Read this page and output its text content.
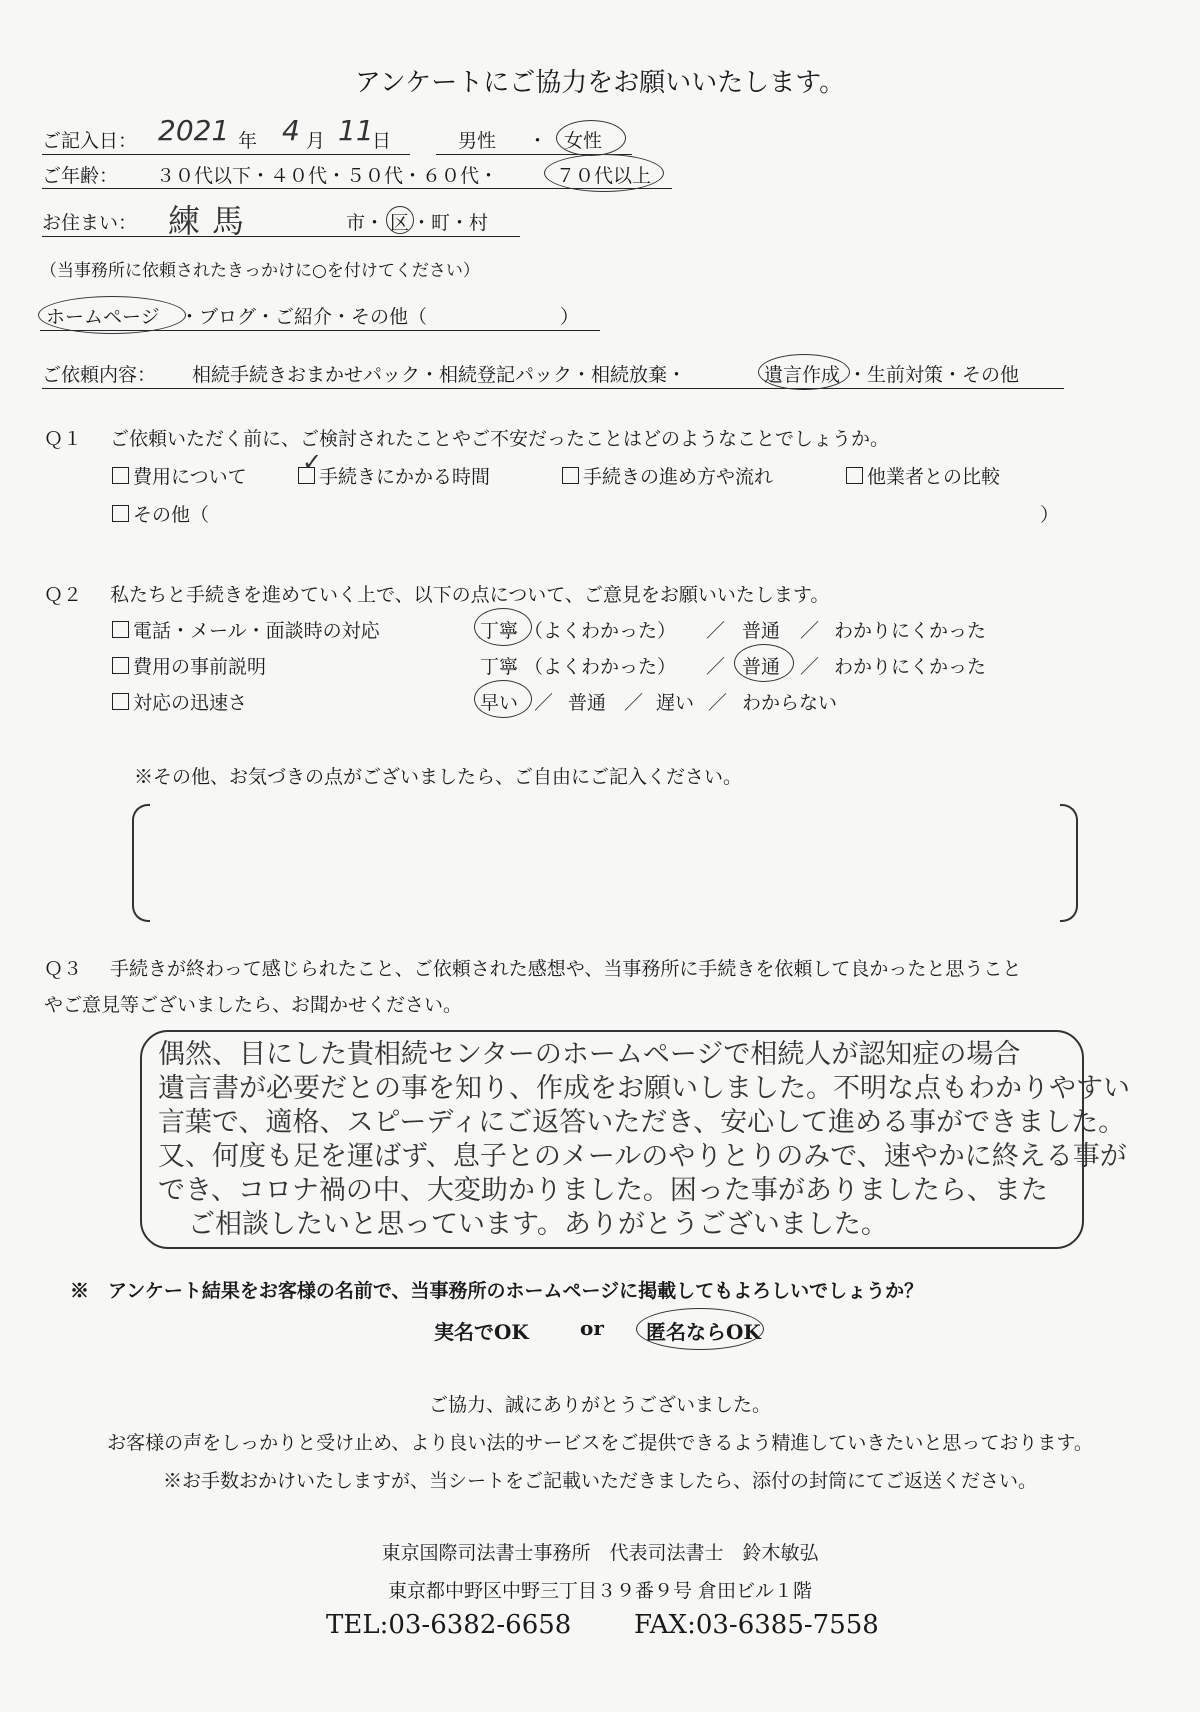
アンケートにご協力をお願いいたします。
ご記入日： 2021 年 4 月 11
日	男性 ・ 女性
ご年齢： ３０代以下・４０代・５０代・６０代・	７０代以上
お住まい： 練馬	市・ 区 ・町・村
（当事務所に依頼されたきっかけに○を付けてください）
ホームページ ・ブログ・ご紹介・その他（　　　　　　　）
ご依頼内容： 相続手続きおまかせパック・相続登記パック・相続放棄・	遺言作成 ・生前対策・その他
Ｑ１ ご依頼いただく前に、ご検討されたことやご不安だったことはどのようなことでしょうか。
費用について	手続きにかかる時間
✓
手続きの進め方や流れ	他業者との比較
その他（	）
Ｑ２ 私たちと手続きを進めていく上で、以下の点について、ご意見をお願いいたします。
電話・メール・面談時の対応	丁寧 （よくわかった） ／ 普通 ／ わかりにくかった
費用の事前説明	丁寧 （よくわかった） ／ 普通 ／ わかりにくかった
対応の迅速さ	早い ／ 普通 ／ 遅い ／ わからない
※その他、お気づきの点がございましたら、ご自由にご記入ください。
Ｑ３ 手続きが終わって感じられたこと、ご依頼された感想や、当事務所に手続きを依頼して良かったと思うこと
やご意見等ございましたら、お聞かせください。
偶然、目にした貴相続センターのホームページで相続人が認知症の場合
遺言書が必要だとの事を知り、作成をお願いしました。不明な点もわかりやすい
言葉で、適格、スピーディにご返答いただき、安心して進める事ができました。
又、何度も足を運ばず、息子とのメールのやりとりのみで、速やかに終える事が
でき、コロナ禍の中、大変助かりました。困った事がありましたら、また
ご相談したいと思っています。ありがとうございました。
※　アンケート結果をお客様の名前で、当事務所のホームページに掲載してもよろしいでしょうか？
実名でOK	or 匿名ならOK
ご協力、誠にありがとうございました。
お客様の声をしっかりと受け止め、より良い法的サービスをご提供できるよう精進していきたいと思っております。
※お手数おかけいたしますが、当シートをご記載いただきましたら、添付の封筒にてご返送ください。
東京国際司法書士事務所　代表司法書士　鈴木敏弘
東京都中野区中野三丁目３９番９号 倉田ビル１階
TEL:03-6382-6658 FAX:03-6385-7558
